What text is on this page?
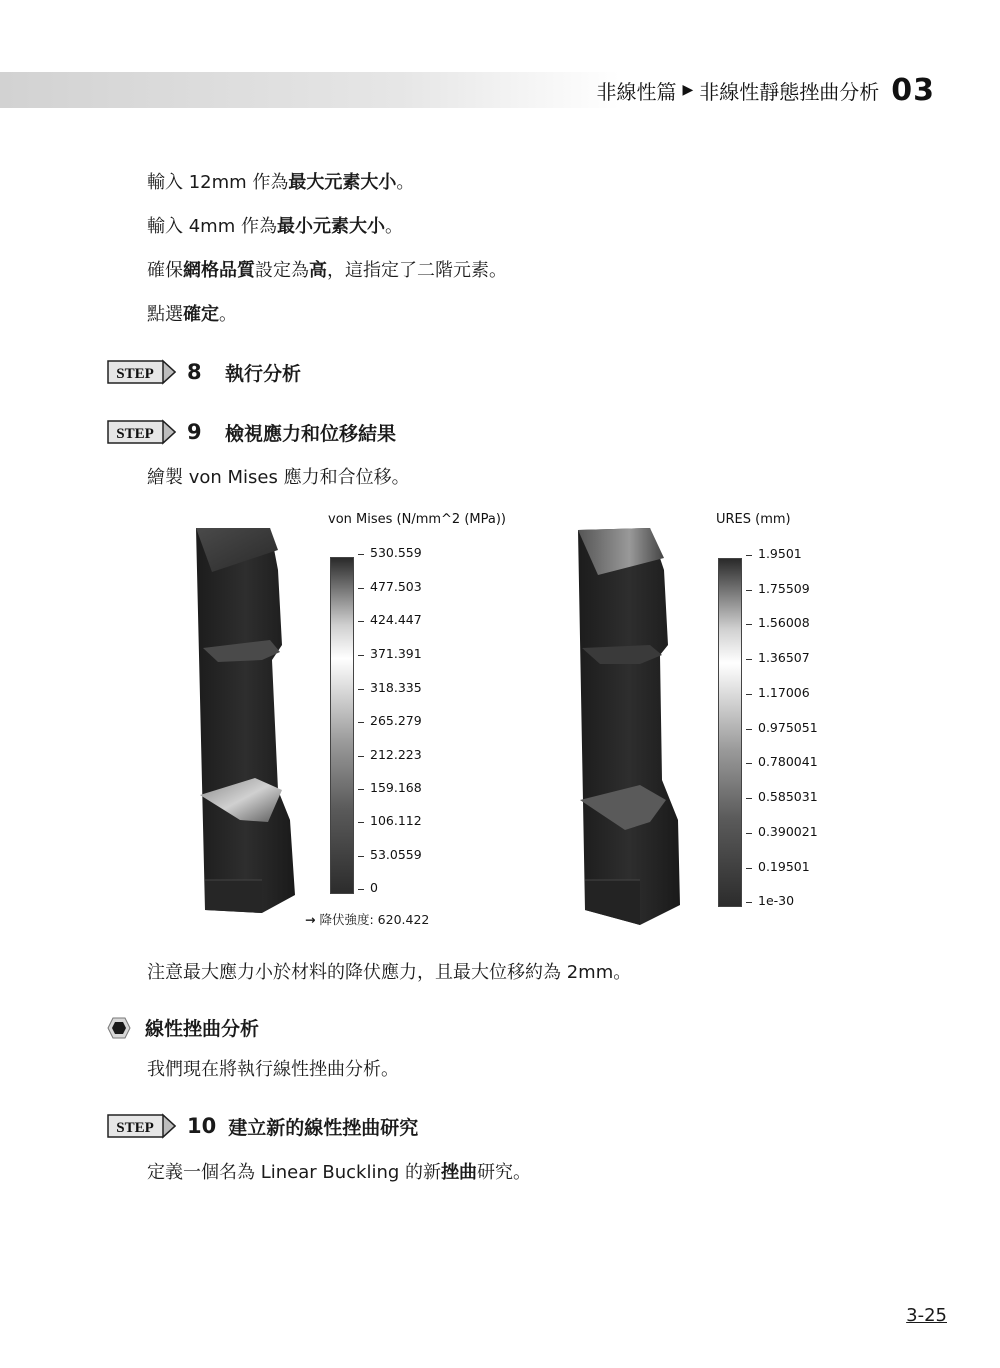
非線性篇 ▶ 非線性靜態挫曲分析 03
輸入 12mm 作為最大元素大小。
輸入 4mm 作為最小元素大小。
確保網格品質設定為高，這指定了二階元素。
點選確定。
STEP 8	執行分析
STEP 9	檢視應力和位移結果
繪製 von Mises 應力和合位移。
von Mises (N/mm^2 (MPa))
530.559
477.503
424.447
371.391
318.335
265.279
212.223
159.168
106.112
53.0559
0
→ 降伏強度: 620.422
URES (mm)
1.9501
1.75509
1.56008
1.36507
1.17006
0.975051
0.780041
0.585031
0.390021
0.19501
1e-30
注意最大應力小於材料的降伏應力，且最大位移約為 2mm。
線性挫曲分析
我們現在將執行線性挫曲分析。
STEP 10 建立新的線性挫曲研究
定義一個名為 Linear Buckling 的新挫曲研究。
3-25
